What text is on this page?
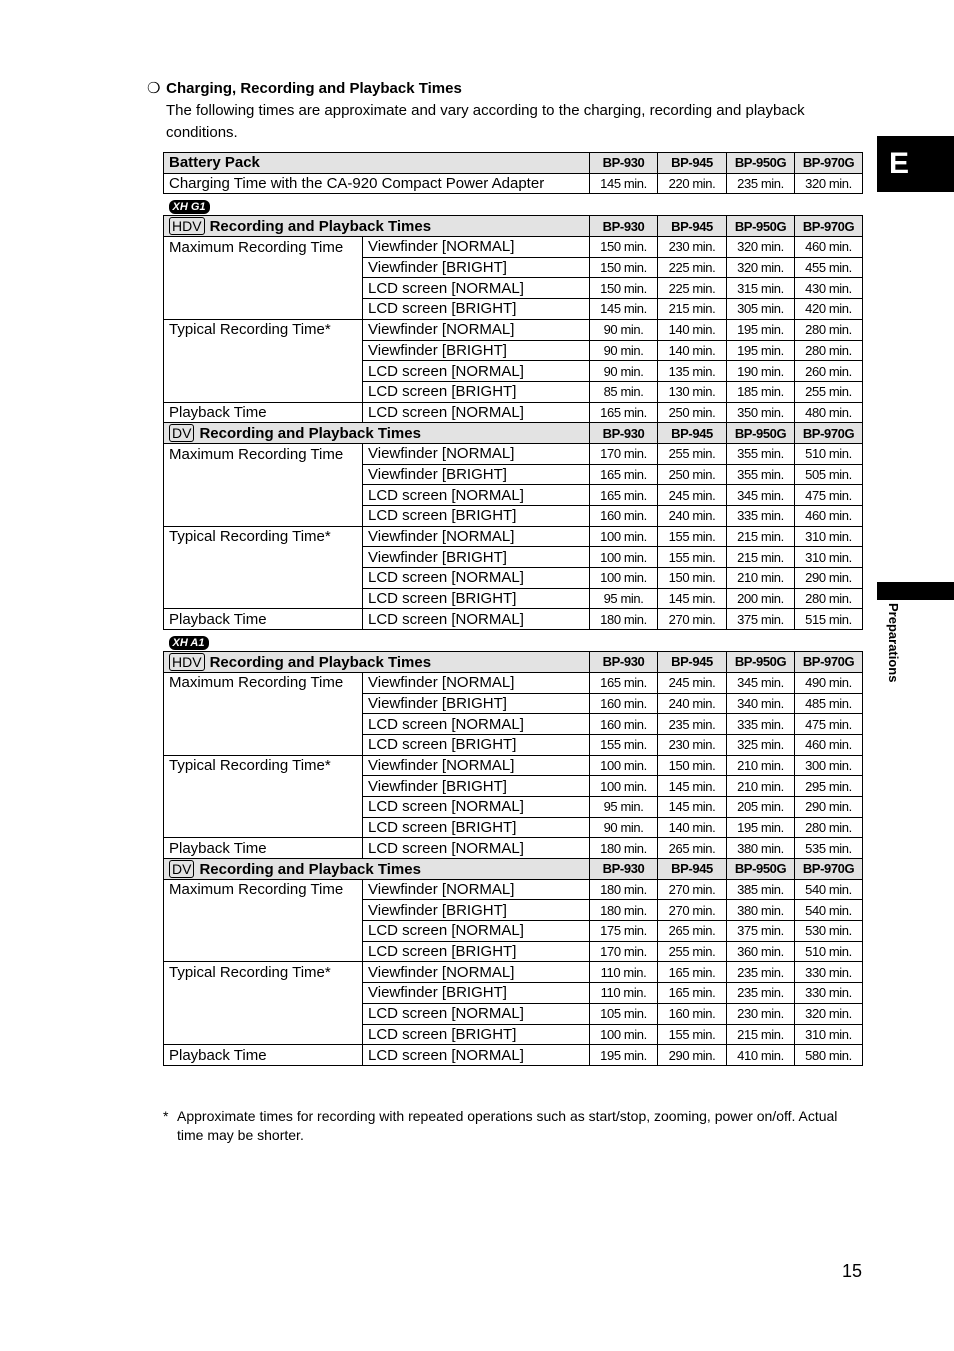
E
Preparations
❍ Charging, Recording and Playback Times
The following times are approximate and vary according to the charging, recording and playback conditions.
Battery Pack		BP-930	BP-945	BP-950G	BP-970G
Charging Time with the CA-920 Compact Power Adapter		145 min.	220 min.	235 min.	320 min.
XH G1					
HDV Recording and Playback Times		BP-930	BP-945	BP-950G	BP-970G
Maximum Recording Time	Viewfinder [NORMAL]	150 min.	230 min.	320 min.	460 min.
	Viewfinder [BRIGHT]	150 min.	225 min.	320 min.	455 min.
	LCD screen [NORMAL]	150 min.	225 min.	315 min.	430 min.
	LCD screen [BRIGHT]	145 min.	215 min.	305 min.	420 min.
Typical Recording Time*	Viewfinder [NORMAL]	90 min.	140 min.	195 min.	280 min.
	Viewfinder [BRIGHT]	90 min.	140 min.	195 min.	280 min.
	LCD screen [NORMAL]	90 min.	135 min.	190 min.	260 min.
	LCD screen [BRIGHT]	85 min.	130 min.	185 min.	255 min.
Playback Time	LCD screen [NORMAL]	165 min.	250 min.	350 min.	480 min.
DV Recording and Playback Times		BP-930	BP-945	BP-950G	BP-970G
Maximum Recording Time	Viewfinder [NORMAL]	170 min.	255 min.	355 min.	510 min.
	Viewfinder [BRIGHT]	165 min.	250 min.	355 min.	505 min.
	LCD screen [NORMAL]	165 min.	245 min.	345 min.	475 min.
	LCD screen [BRIGHT]	160 min.	240 min.	335 min.	460 min.
Typical Recording Time*	Viewfinder [NORMAL]	100 min.	155 min.	215 min.	310 min.
	Viewfinder [BRIGHT]	100 min.	155 min.	215 min.	310 min.
	LCD screen [NORMAL]	100 min.	150 min.	210 min.	290 min.
	LCD screen [BRIGHT]	95 min.	145 min.	200 min.	280 min.
Playback Time	LCD screen [NORMAL]	180 min.	270 min.	375 min.	515 min.
XH A1					
HDV Recording and Playback Times		BP-930	BP-945	BP-950G	BP-970G
Maximum Recording Time	Viewfinder [NORMAL]	165 min.	245 min.	345 min.	490 min.
	Viewfinder [BRIGHT]	160 min.	240 min.	340 min.	485 min.
	LCD screen [NORMAL]	160 min.	235 min.	335 min.	475 min.
	LCD screen [BRIGHT]	155 min.	230 min.	325 min.	460 min.
Typical Recording Time*	Viewfinder [NORMAL]	100 min.	150 min.	210 min.	300 min.
	Viewfinder [BRIGHT]	100 min.	145 min.	210 min.	295 min.
	LCD screen [NORMAL]	95 min.	145 min.	205 min.	290 min.
	LCD screen [BRIGHT]	90 min.	140 min.	195 min.	280 min.
Playback Time	LCD screen [NORMAL]	180 min.	265 min.	380 min.	535 min.
DV Recording and Playback Times		BP-930	BP-945	BP-950G	BP-970G
Maximum Recording Time	Viewfinder [NORMAL]	180 min.	270 min.	385 min.	540 min.
	Viewfinder [BRIGHT]	180 min.	270 min.	380 min.	540 min.
	LCD screen [NORMAL]	175 min.	265 min.	375 min.	530 min.
	LCD screen [BRIGHT]	170 min.	255 min.	360 min.	510 min.
Typical Recording Time*	Viewfinder [NORMAL]	110 min.	165 min.	235 min.	330 min.
	Viewfinder [BRIGHT]	110 min.	165 min.	235 min.	330 min.
	LCD screen [NORMAL]	105 min.	160 min.	230 min.	320 min.
	LCD screen [BRIGHT]	100 min.	155 min.	215 min.	310 min.
Playback Time	LCD screen [NORMAL]	195 min.	290 min.	410 min.	580 min.
* Approximate times for recording with repeated operations such as start/stop, zooming, power on/off. Actual time may be shorter.
15
